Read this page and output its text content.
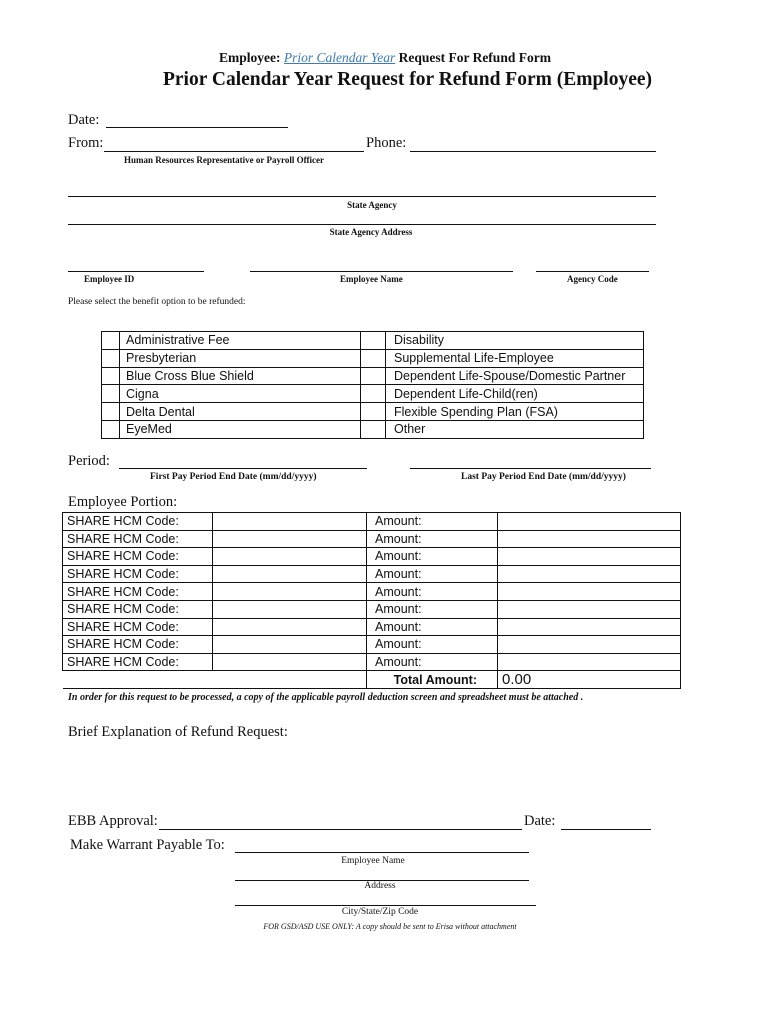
Employee: Prior Calendar Year Request For Refund Form
Prior Calendar Year Request for Refund Form (Employee)
Date:
From:	Phone:
Human Resources Representative or Payroll Officer
State Agency
State Agency Address
Employee ID	Employee Name	Agency Code
Please select the benefit option to be refunded:
	Administrative Fee		Disability

	Presbyterian		Supplemental Life-Employee

	Blue Cross Blue Shield		Dependent Life-Spouse/Domestic Partner

	Cigna		Dependent Life-Child(ren)

	Delta Dental		Flexible Spending Plan (FSA)

	EyeMed		Other
Period:
First Pay Period End Date (mm/dd/yyyy)	Last Pay Period End Date (mm/dd/yyyy)
Employee Portion:
SHARE HCM Code:		Amount:	
SHARE HCM Code:		Amount:	
SHARE HCM Code:		Amount:	
SHARE HCM Code:		Amount:	
SHARE HCM Code:		Amount:	
SHARE HCM Code:		Amount:	
SHARE HCM Code:		Amount:	
SHARE HCM Code:		Amount:	
SHARE HCM Code:		Amount:	
		Total Amount:	0.00
In order for this request to be processed, a copy of the applicable payroll deduction screen and spreadsheet must be attached .
Brief Explanation of Refund Request:
EBB Approval:	Date:
Make Warrant Payable To:
Employee Name
Address
City/State/Zip Code
FOR GSD/ASD USE ONLY: A copy should be sent to Erisa without attachment
